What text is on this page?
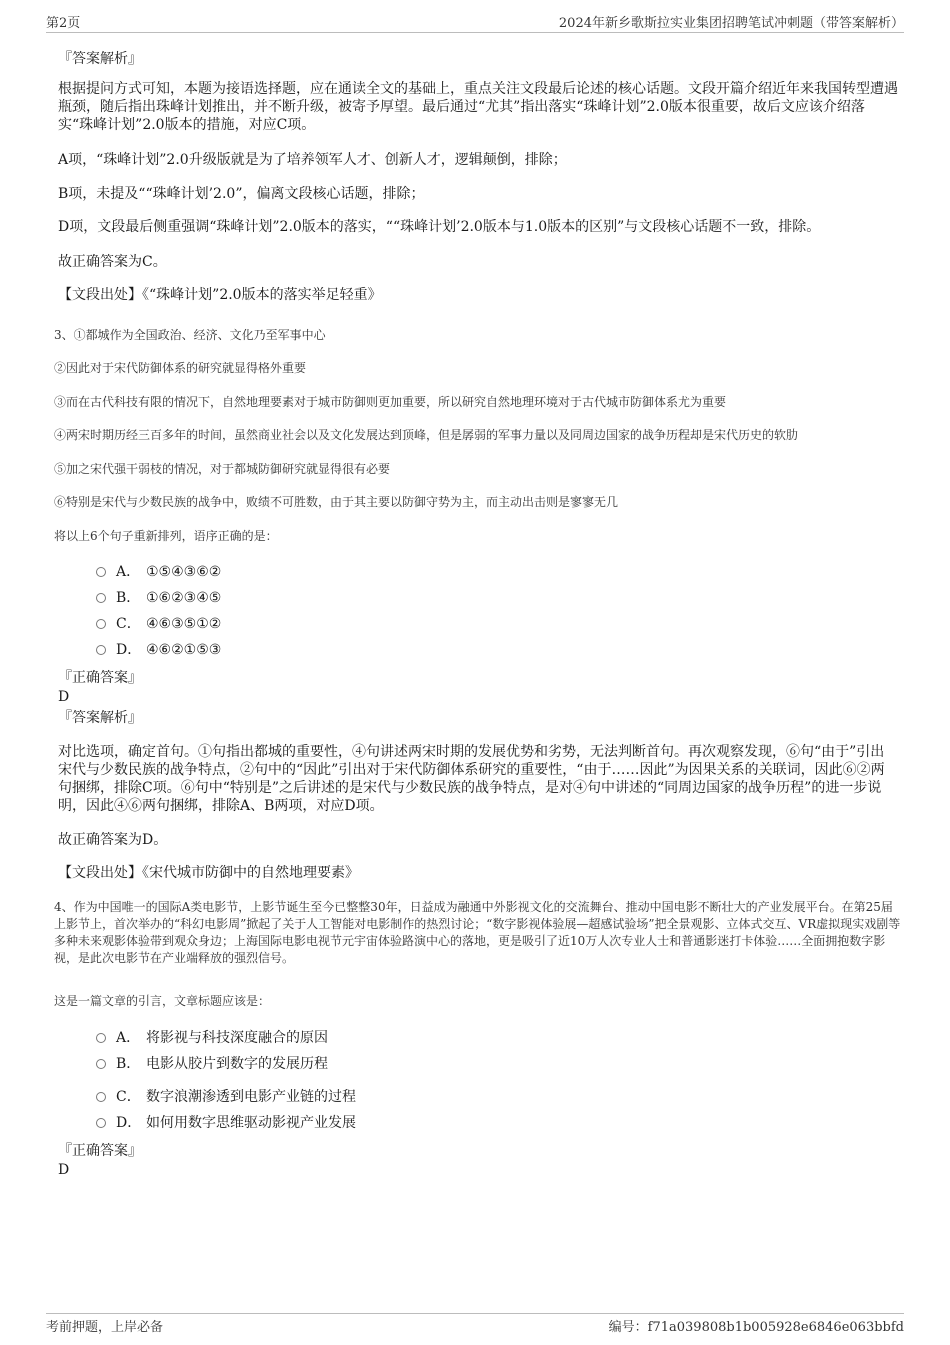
第2页	2024年新乡歌斯拉实业集团招聘笔试冲刺题（带答案解析）
『答案解析』
根据提问方式可知，本题为接语选择题，应在通读全文的基础上，重点关注文段最后论述的核心话题。文段开篇介绍近年来我国转型遭遇瓶颈，随后指出珠峰计划推出，并不断升级，被寄予厚望。最后通过“尤其”指出落实“珠峰计划”2.0版本很重要，故后文应该介绍落实“珠峰计划”2.0版本的措施，对应C项。
A项，“珠峰计划”2.0升级版就是为了培养领军人才、创新人才，逻辑颠倒，排除；
B项，未提及““珠峰计划’2.0”，偏离文段核心话题，排除；
D项，文段最后侧重强调“珠峰计划”2.0版本的落实，““珠峰计划’2.0版本与1.0版本的区别”与文段核心话题不一致，排除。
故正确答案为C。
【文段出处】《“珠峰计划”2.0版本的落实举足轻重》
3、①都城作为全国政治、经济、文化乃至军事中心
②因此对于宋代防御体系的研究就显得格外重要
③而在古代科技有限的情况下，自然地理要素对于城市防御则更加重要，所以研究自然地理环境对于古代城市防御体系尤为重要
④两宋时期历经三百多年的时间，虽然商业社会以及文化发展达到顶峰，但是孱弱的军事力量以及同周边国家的战争历程却是宋代历史的软肋
⑤加之宋代强干弱枝的情况，对于都城防御研究就显得很有必要
⑥特别是宋代与少数民族的战争中，败绩不可胜数，由于其主要以防御守势为主，而主动出击则是寥寥无几
将以上6个句子重新排列，语序正确的是：
A． ①⑤④③⑥②
B． ①⑥②③④⑤
C． ④⑥③⑤①②
D． ④⑥②①⑤③
『正确答案』
D
『答案解析』
对比选项，确定首句。①句指出都城的重要性，④句讲述两宋时期的发展优势和劣势，无法判断首句。再次观察发现，⑥句“由于”引出宋代与少数民族的战争特点，②句中的“因此”引出对于宋代防御体系研究的重要性，“由于……因此”为因果关系的关联词，因此⑥②两句捆绑，排除C项。⑥句中“特别是”之后讲述的是宋代与少数民族的战争特点，是对④句中讲述的“同周边国家的战争历程”的进一步说明，因此④⑥两句捆绑，排除A、B两项，对应D项。
故正确答案为D。
【文段出处】《宋代城市防御中的自然地理要素》
4、作为中国唯一的国际A类电影节，上影节诞生至今已整整30年，日益成为融通中外影视文化的交流舞台、推动中国电影不断壮大的产业发展平台。在第25届上影节上，首次举办的“科幻电影周”掀起了关于人工智能对电影制作的热烈讨论；“数字影视体验展—超感试验场”把全景观影、立体式交互、VR虚拟现实戏剧等多种未来观影体验带到观众身边；上海国际电影电视节元宇宙体验路演中心的落地，更是吸引了近10万人次专业人士和普通影迷打卡体验……全面拥抱数字影视，是此次电影节在产业端释放的强烈信号。
这是一篇文章的引言，文章标题应该是：
A． 将影视与科技深度融合的原因
B． 电影从胶片到数字的发展历程
C． 数字浪潮渗透到电影产业链的过程
D． 如何用数字思维驱动影视产业发展
『正确答案』
D
考前押题，上岸必备	编号：f71a039808b1b005928e6846e063bbfd
